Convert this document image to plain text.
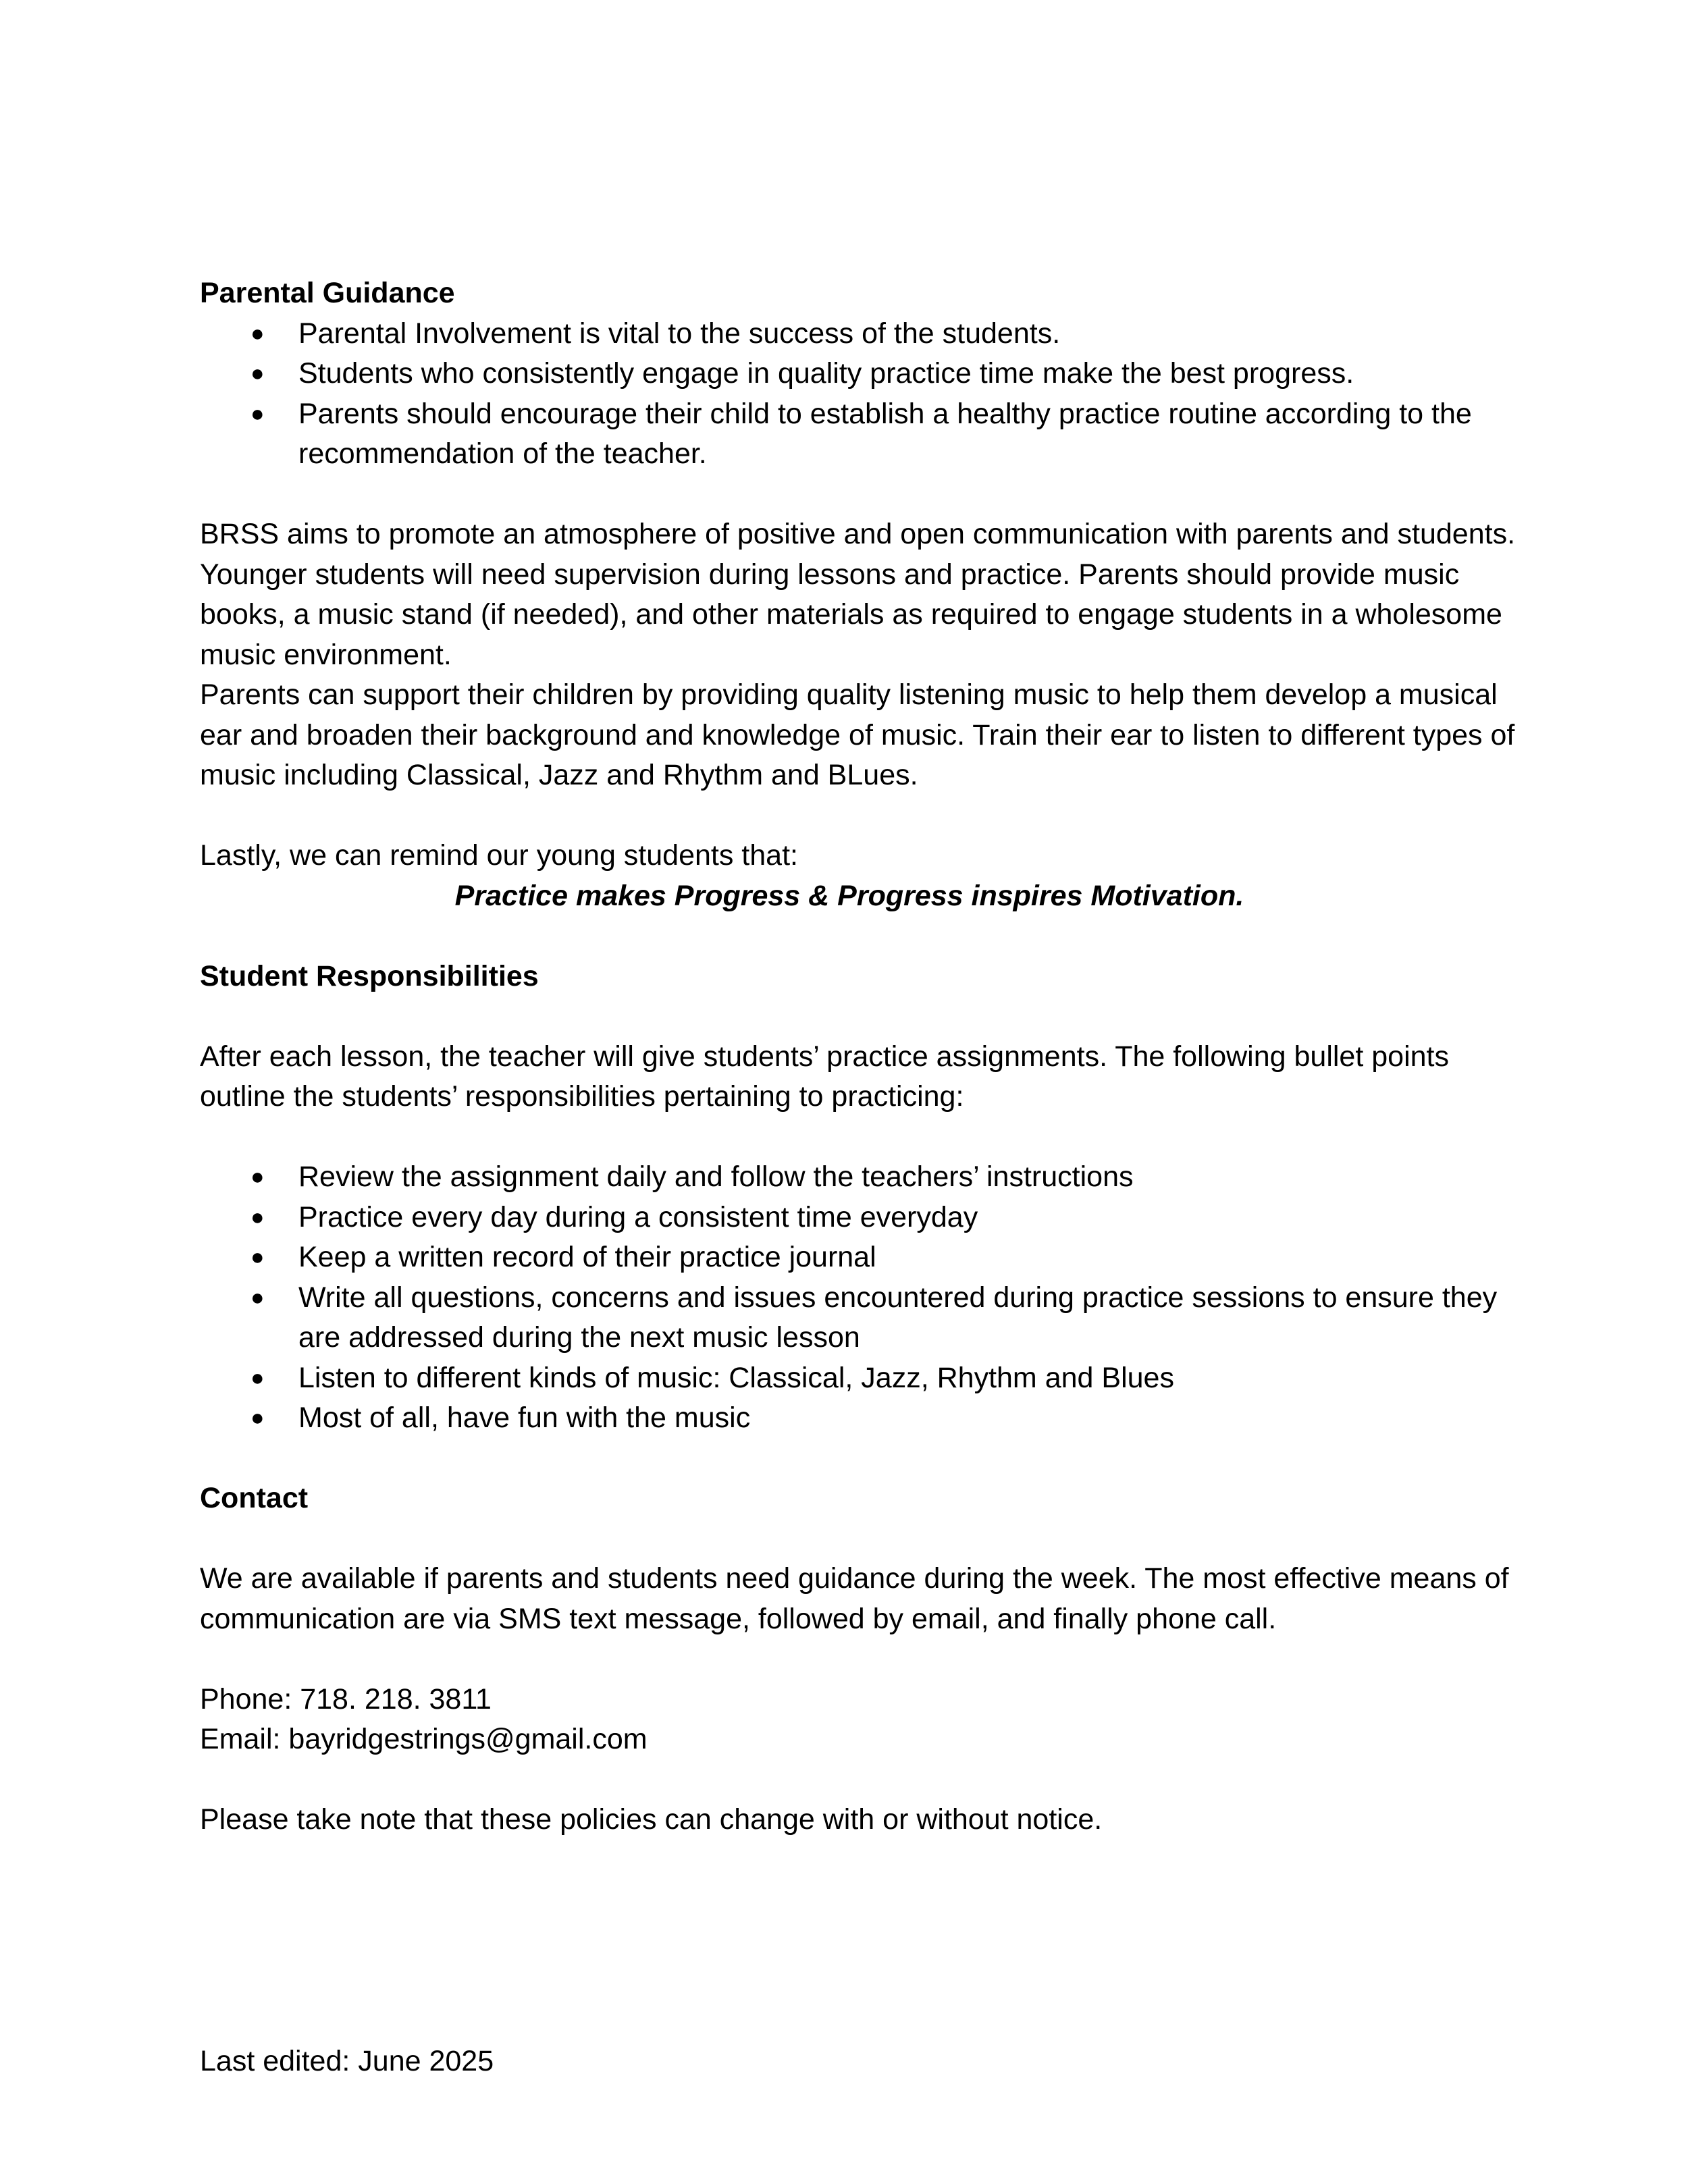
Parental Guidance

● Parental Involvement is vital to the success of the students.
● Students who consistently engage in quality practice time make the best progress.
● Parents should encourage their child to establish a healthy practice routine according to the recommendation of the teacher.

BRSS aims to promote an atmosphere of positive and open communication with parents and students. Younger students will need supervision during lessons and practice. Parents should provide music books, a music stand (if needed), and other materials as required to engage students in a wholesome music environment.

Parents can support their children by providing quality listening music to help them develop a musical ear and broaden their background and knowledge of music. Train their ear to listen to different types of music including Classical, Jazz and Rhythm and BLues.

Lastly, we can remind our young students that:

Practice makes Progress & Progress inspires Motivation.

Student Responsibilities

After each lesson, the teacher will give students’ practice assignments. The following bullet points outline the students’ responsibilities pertaining to practicing:

● Review the assignment daily and follow the teachers’ instructions
● Practice every day during a consistent time everyday
● Keep a written record of their practice journal
● Write all questions, concerns and issues encountered during practice sessions to ensure they are addressed during the next music lesson
● Listen to different kinds of music: Classical, Jazz, Rhythm and Blues
● Most of all, have fun with the music

Contact

We are available if parents and students need guidance during the week. The most effective means of communication are via SMS text message, followed by email, and finally phone call.

Phone: 718. 218. 3811

Email: bayridgestrings@gmail.com

Please take note that these policies can change with or without notice.

Last edited: June 2025
